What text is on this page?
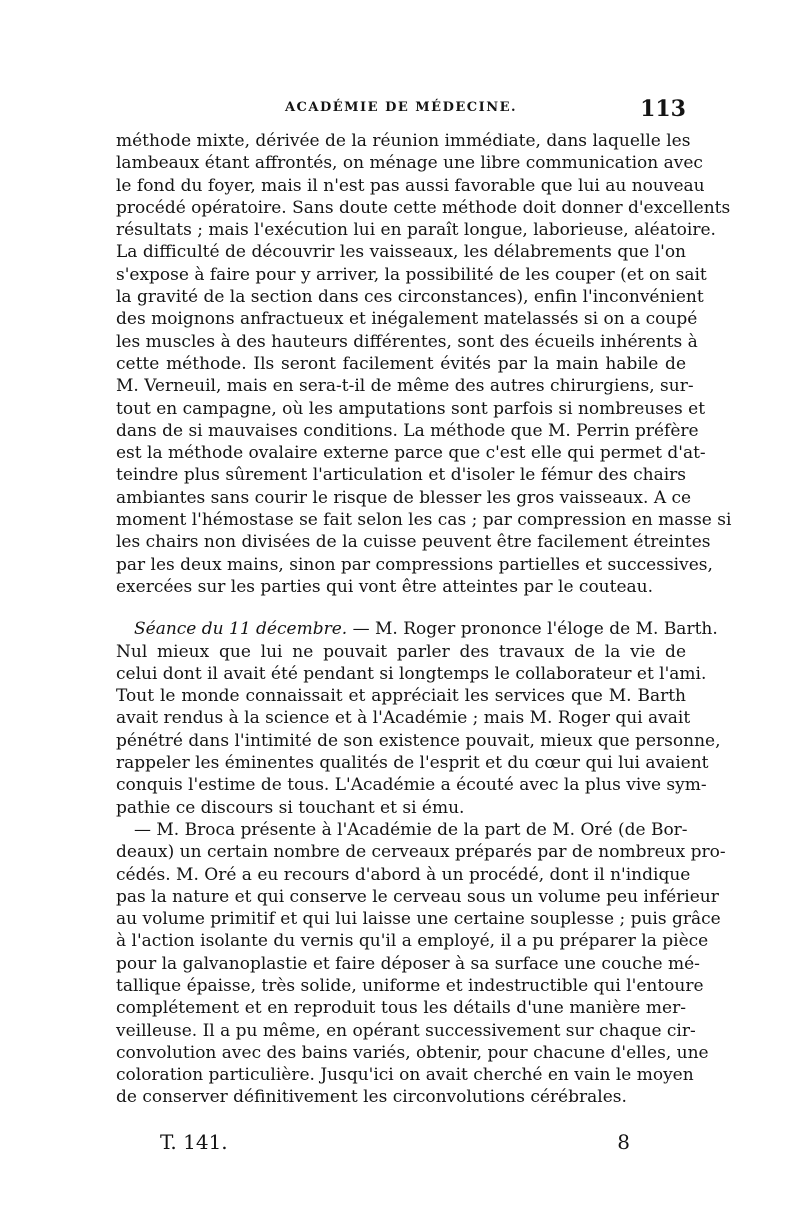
ACADÉMIE DE MÉDECINE.	113
méthode mixte, dérivée de la réunion immédiate, dans laquelle les
lambeaux étant affrontés, on ménage une libre communication avec
le fond du foyer, mais il n'est pas aussi favorable que lui au nouveau
procédé opératoire. Sans doute cette méthode doit donner d'excellents
résultats ; mais l'exécution lui en paraît longue, laborieuse, aléatoire.
La difficulté de découvrir les vaisseaux, les délabrements que l'on
s'expose à faire pour y arriver, la possibilité de les couper (et on sait
la gravité de la section dans ces circonstances), enfin l'inconvénient
des moignons anfractueux et inégalement matelassés si on a coupé
les muscles à des hauteurs différentes, sont des écueils inhérents à
cette méthode. Ils seront facilement évités par la main habile de
M. Verneuil, mais en sera-t-il de même des autres chirurgiens, sur-
tout en campagne, où les amputations sont parfois si nombreuses et
dans de si mauvaises conditions. La méthode que M. Perrin préfère
est la méthode ovalaire externe parce que c'est elle qui permet d'at-
teindre plus sûrement l'articulation et d'isoler le fémur des chairs
ambiantes sans courir le risque de blesser les gros vaisseaux. A ce
moment l'hémostase se fait selon les cas ; par compression en masse si
les chairs non divisées de la cuisse peuvent être facilement étreintes
par les deux mains, sinon par compressions partielles et successives,
exercées sur les parties qui vont être atteintes par le couteau.
Séance du 11 décembre. — M. Roger prononce l'éloge de M. Barth.
Nul mieux que lui ne pouvait parler des travaux de la vie de
celui dont il avait été pendant si longtemps le collaborateur et l'ami.
Tout le monde connaissait et appréciait les services que M. Barth
avait rendus à la science et à l'Académie ; mais M. Roger qui avait
pénétré dans l'intimité de son existence pouvait, mieux que personne,
rappeler les éminentes qualités de l'esprit et du cœur qui lui avaient
conquis l'estime de tous. L'Académie a écouté avec la plus vive sym-
pathie ce discours si touchant et si ému.
— M. Broca présente à l'Académie de la part de M. Oré (de Bor-
deaux) un certain nombre de cerveaux préparés par de nombreux pro-
cédés. M. Oré a eu recours d'abord à un procédé, dont il n'indique
pas la nature et qui conserve le cerveau sous un volume peu inférieur
au volume primitif et qui lui laisse une certaine souplesse ; puis grâce
à l'action isolante du vernis qu'il a employé, il a pu préparer la pièce
pour la galvanoplastie et faire déposer à sa surface une couche mé-
tallique épaisse, très solide, uniforme et indestructible qui l'entoure
complétement et en reproduit tous les détails d'une manière mer-
veilleuse. Il a pu même, en opérant successivement sur chaque cir-
convolution avec des bains variés, obtenir, pour chacune d'elles, une
coloration particulière. Jusqu'ici on avait cherché en vain le moyen
de conserver définitivement les circonvolutions cérébrales.
T. 141.	8
